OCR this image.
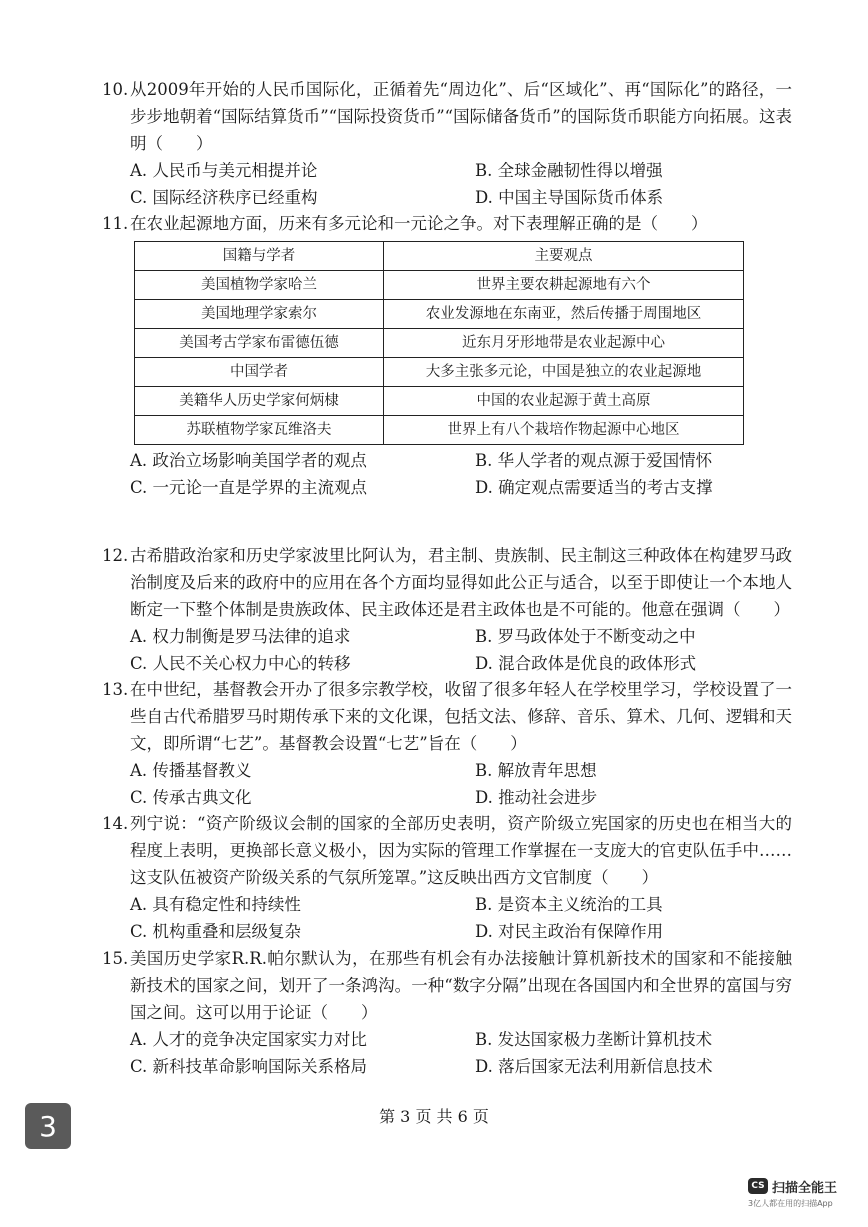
10. 从2009年开始的人民币国际化，正循着先“周边化”、后“区域化”、再“国际化”的路径，一步步地朝着“国际结算货币”“国际投资货币”“国际储备货币”的国际货币职能方向拓展。这表明（　　）
A. 人民币与美元相提并论	B. 全球金融韧性得以增强
C. 国际经济秩序已经重构	D. 中国主导国际货币体系
11. 在农业起源地方面，历来有多元论和一元论之争。对下表理解正确的是（　　）
国籍与学者	主要观点
美国植物学家哈兰	世界主要农耕起源地有六个
美国地理学家索尔	农业发源地在东南亚，然后传播于周围地区
美国考古学家布雷德伍德	近东月牙形地带是农业起源中心
中国学者	大多主张多元论，中国是独立的农业起源地
美籍华人历史学家何炳棣	中国的农业起源于黄土高原
苏联植物学家瓦维洛夫	世界上有八个栽培作物起源中心地区
A. 政治立场影响美国学者的观点	B. 华人学者的观点源于爱国情怀
C. 一元论一直是学界的主流观点	D. 确定观点需要适当的考古支撑
12. 古希腊政治家和历史学家波里比阿认为，君主制、贵族制、民主制这三种政体在构建罗马政治制度及后来的政府中的应用在各个方面均显得如此公正与适合，以至于即使让一个本地人断定一下整个体制是贵族政体、民主政体还是君主政体也是不可能的。他意在强调（　　）
A. 权力制衡是罗马法律的追求	B. 罗马政体处于不断变动之中
C. 人民不关心权力中心的转移	D. 混合政体是优良的政体形式
13. 在中世纪，基督教会开办了很多宗教学校，收留了很多年轻人在学校里学习，学校设置了一些自古代希腊罗马时期传承下来的文化课，包括文法、修辞、音乐、算术、几何、逻辑和天文，即所谓“七艺”。基督教会设置“七艺”旨在（　　）
A. 传播基督教义	B. 解放青年思想
C. 传承古典文化	D. 推动社会进步
14. 列宁说：“资产阶级议会制的国家的全部历史表明，资产阶级立宪国家的历史也在相当大的程度上表明，更换部长意义极小，因为实际的管理工作掌握在一支庞大的官吏队伍手中……这支队伍被资产阶级关系的气氛所笼罩。”这反映出西方文官制度（　　）
A. 具有稳定性和持续性	B. 是资本主义统治的工具
C. 机构重叠和层级复杂	D. 对民主政治有保障作用
15. 美国历史学家R.R.帕尔默认为，在那些有机会有办法接触计算机新技术的国家和不能接触新技术的国家之间，划开了一条鸿沟。一种“数字分隔”出现在各国国内和全世界的富国与穷国之间。这可以用于论证（　　）
A. 人才的竞争决定国家实力对比	B. 发达国家极力垄断计算机技术
C. 新科技革命影响国际关系格局	D. 落后国家无法利用新信息技术
第 3 页 共 6 页
3
CS 扫描全能王
3亿人都在用的扫描App
